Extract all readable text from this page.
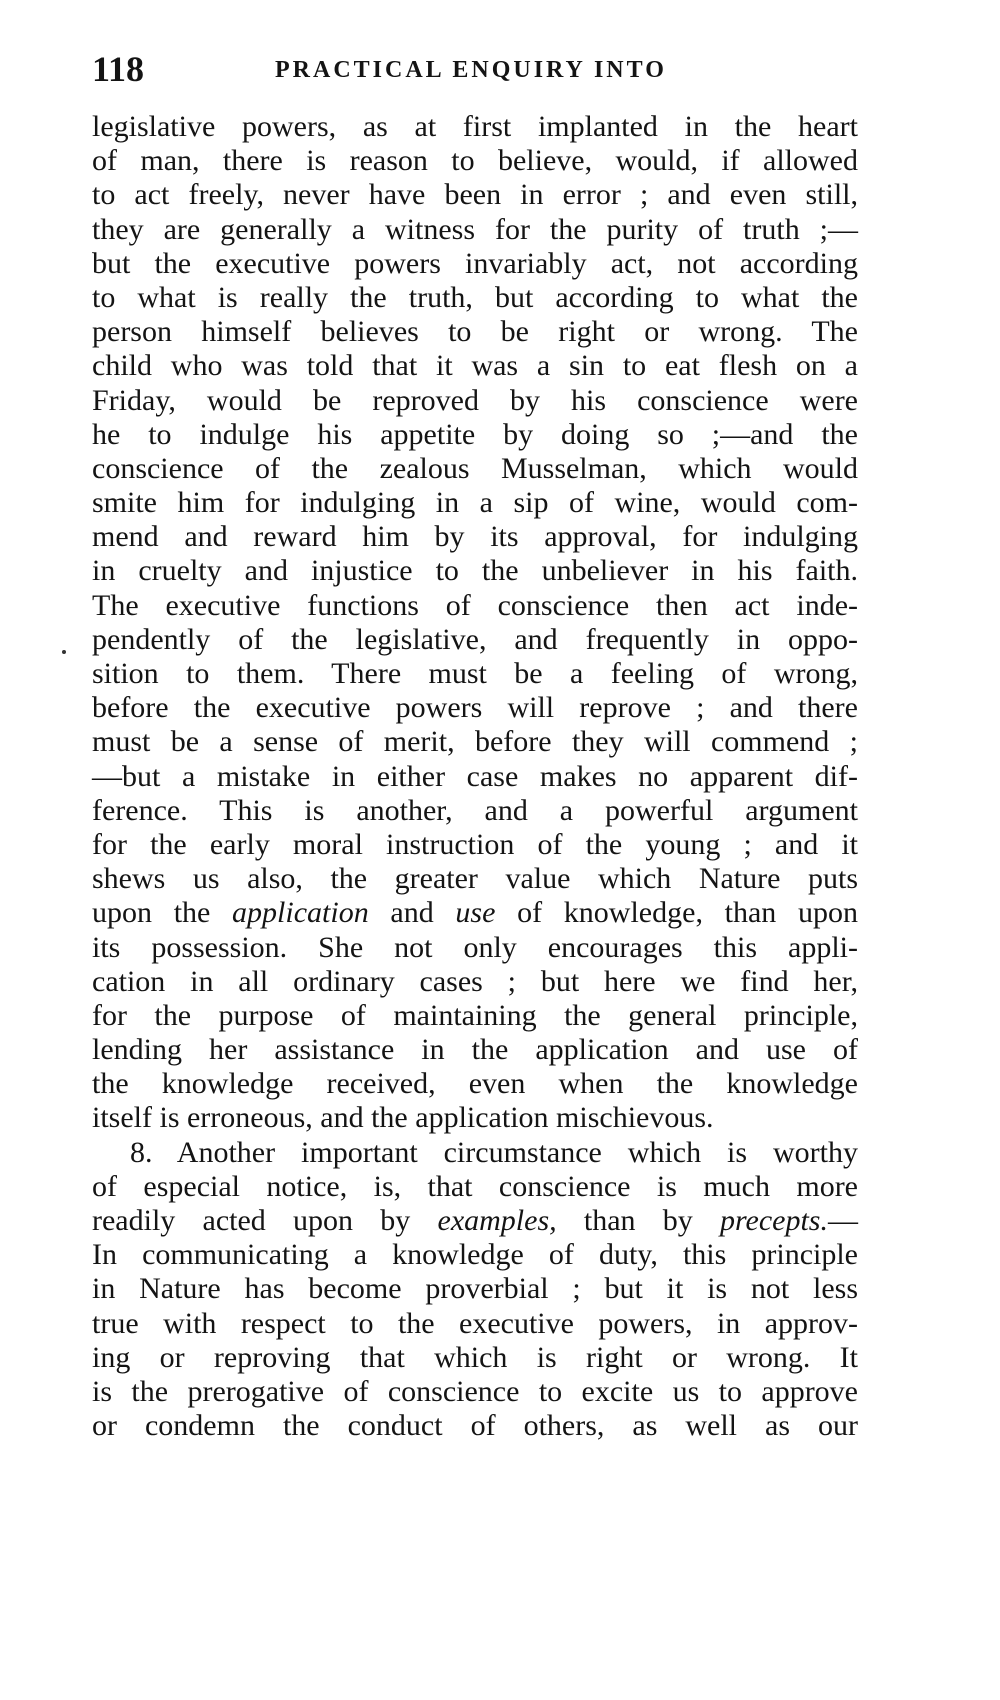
118	PRACTICAL ENQUIRY INTO
legislative powers, as at first implanted in the heart
of man, there is reason to believe, would, if allowed
to act freely, never have been in error ; and even still,
they are generally a witness for the purity of truth ;—
but the executive powers invariably act, not according
to what is really the truth, but according to what the
person himself believes to be right or wrong. The
child who was told that it was a sin to eat flesh on a
Friday, would be reproved by his conscience were
he to indulge his appetite by doing so ;—and the
conscience of the zealous Musselman, which would
smite him for indulging in a sip of wine, would com-
mend and reward him by its approval, for indulging
in cruelty and injustice to the unbeliever in his faith.
The executive functions of conscience then act inde-
pendently of the legislative, and frequently in oppo-
sition to them. There must be a feeling of wrong,
before the executive powers will reprove ; and there
must be a sense of merit, before they will commend ;
—but a mistake in either case makes no apparent dif-
ference. This is another, and a powerful argument
for the early moral instruction of the young ; and it
shews us also, the greater value which Nature puts
upon the application and use of knowledge, than upon
its possession. She not only encourages this appli-
cation in all ordinary cases ; but here we find her,
for the purpose of maintaining the general principle,
lending her assistance in the application and use of
the knowledge received, even when the knowledge
itself is erroneous, and the application mischievous.
8. Another important circumstance which is worthy
of especial notice, is, that conscience is much more
readily acted upon by examples, than by precepts.—
In communicating a knowledge of duty, this principle
in Nature has become proverbial ; but it is not less
true with respect to the executive powers, in approv-
ing or reproving that which is right or wrong. It
is the prerogative of conscience to excite us to approve
or condemn the conduct of others, as well as our
